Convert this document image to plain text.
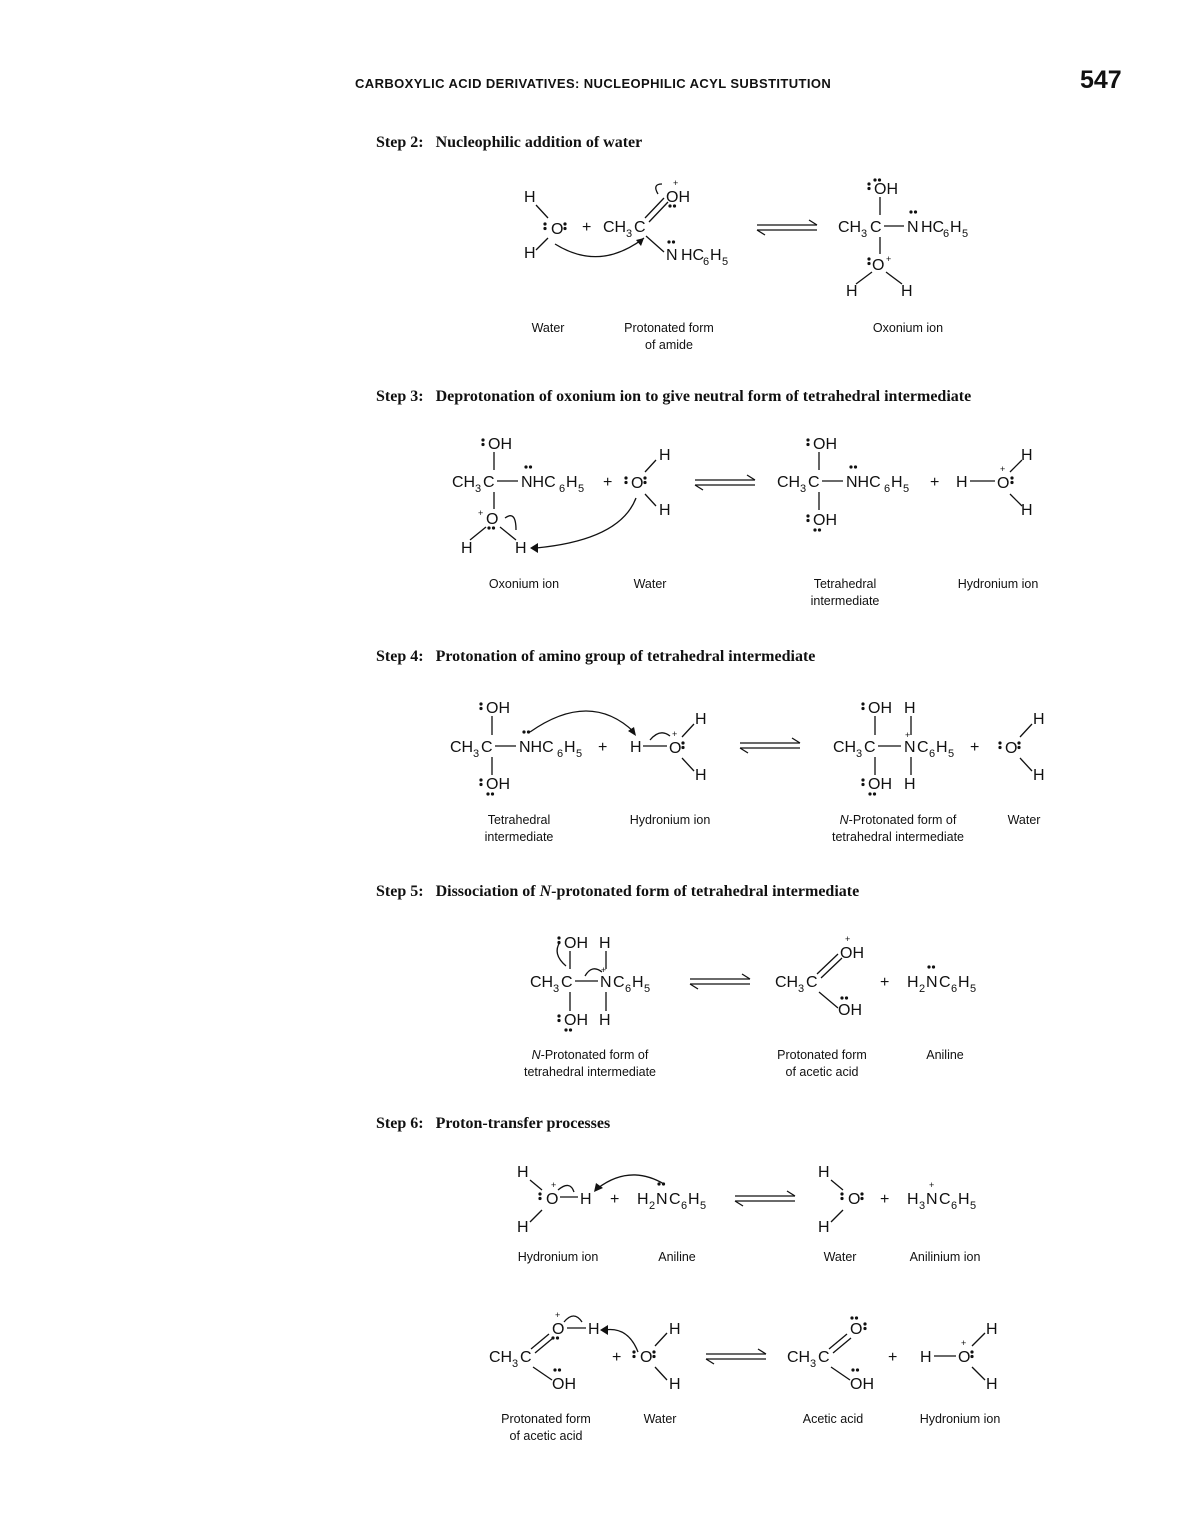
CARBOXYLIC ACID DERIVATIVES: NUCLEOPHILIC ACYL SUBSTITUTION	547
Step 2: Nucleophilic addition of water
Step 3: Deprotonation of oxonium ion to give neutral form of tetrahedral intermediate
Step 4: Protonation of amino group of tetrahedral intermediate
Step 5: Dissociation of N-protonated form of tetrahedral intermediate
Step 6: Proton-transfer processes
Water	Protonated form
of amide
Oxonium ion
Oxonium ion	Water	Tetrahedral
intermediate
Hydronium ion
Tetrahedral
intermediate
Hydronium ion	N-Protonated form of
tetrahedral intermediate
Water
N-Protonated form of
tetrahedral intermediate
Protonated form
of acetic acid
Aniline
Hydronium ion	Aniline	Water	Anilinium ion
Protonated form
of acetic acid
Water	Acetic acid	Hydronium ion
H
H
O + CH 3 C
OH
+
N HC
6 H 5
OH
CH 3 C N HC
6 H 5
O +
H	H
OH
CH 3 C NHC 6 H 5
O
+
H	H
+ O
H
H
OH
CH 3 C NHC 6 H 5
OH
+ H O
+
H
H
OH
CH 3 C NHC 6 H 5
OH
+ H O
+
H
H
OH H
CH 3 C N
+
C 6 H 5
OH H
+ O
H
H
OH H
CH 3 C N
+
C 6 H 5
OH H
CH 3 C
OH
+
OH
+ H 2 N C 6 H 5
H
H
O
+
H + H 2 N C 6 H 5
H
H
O + H 3 N
+
C 6 H 5
CH 3 C
O
+
H
OH
+ O
H
H
CH 3 C
O
OH
+ H O
+
H
H
